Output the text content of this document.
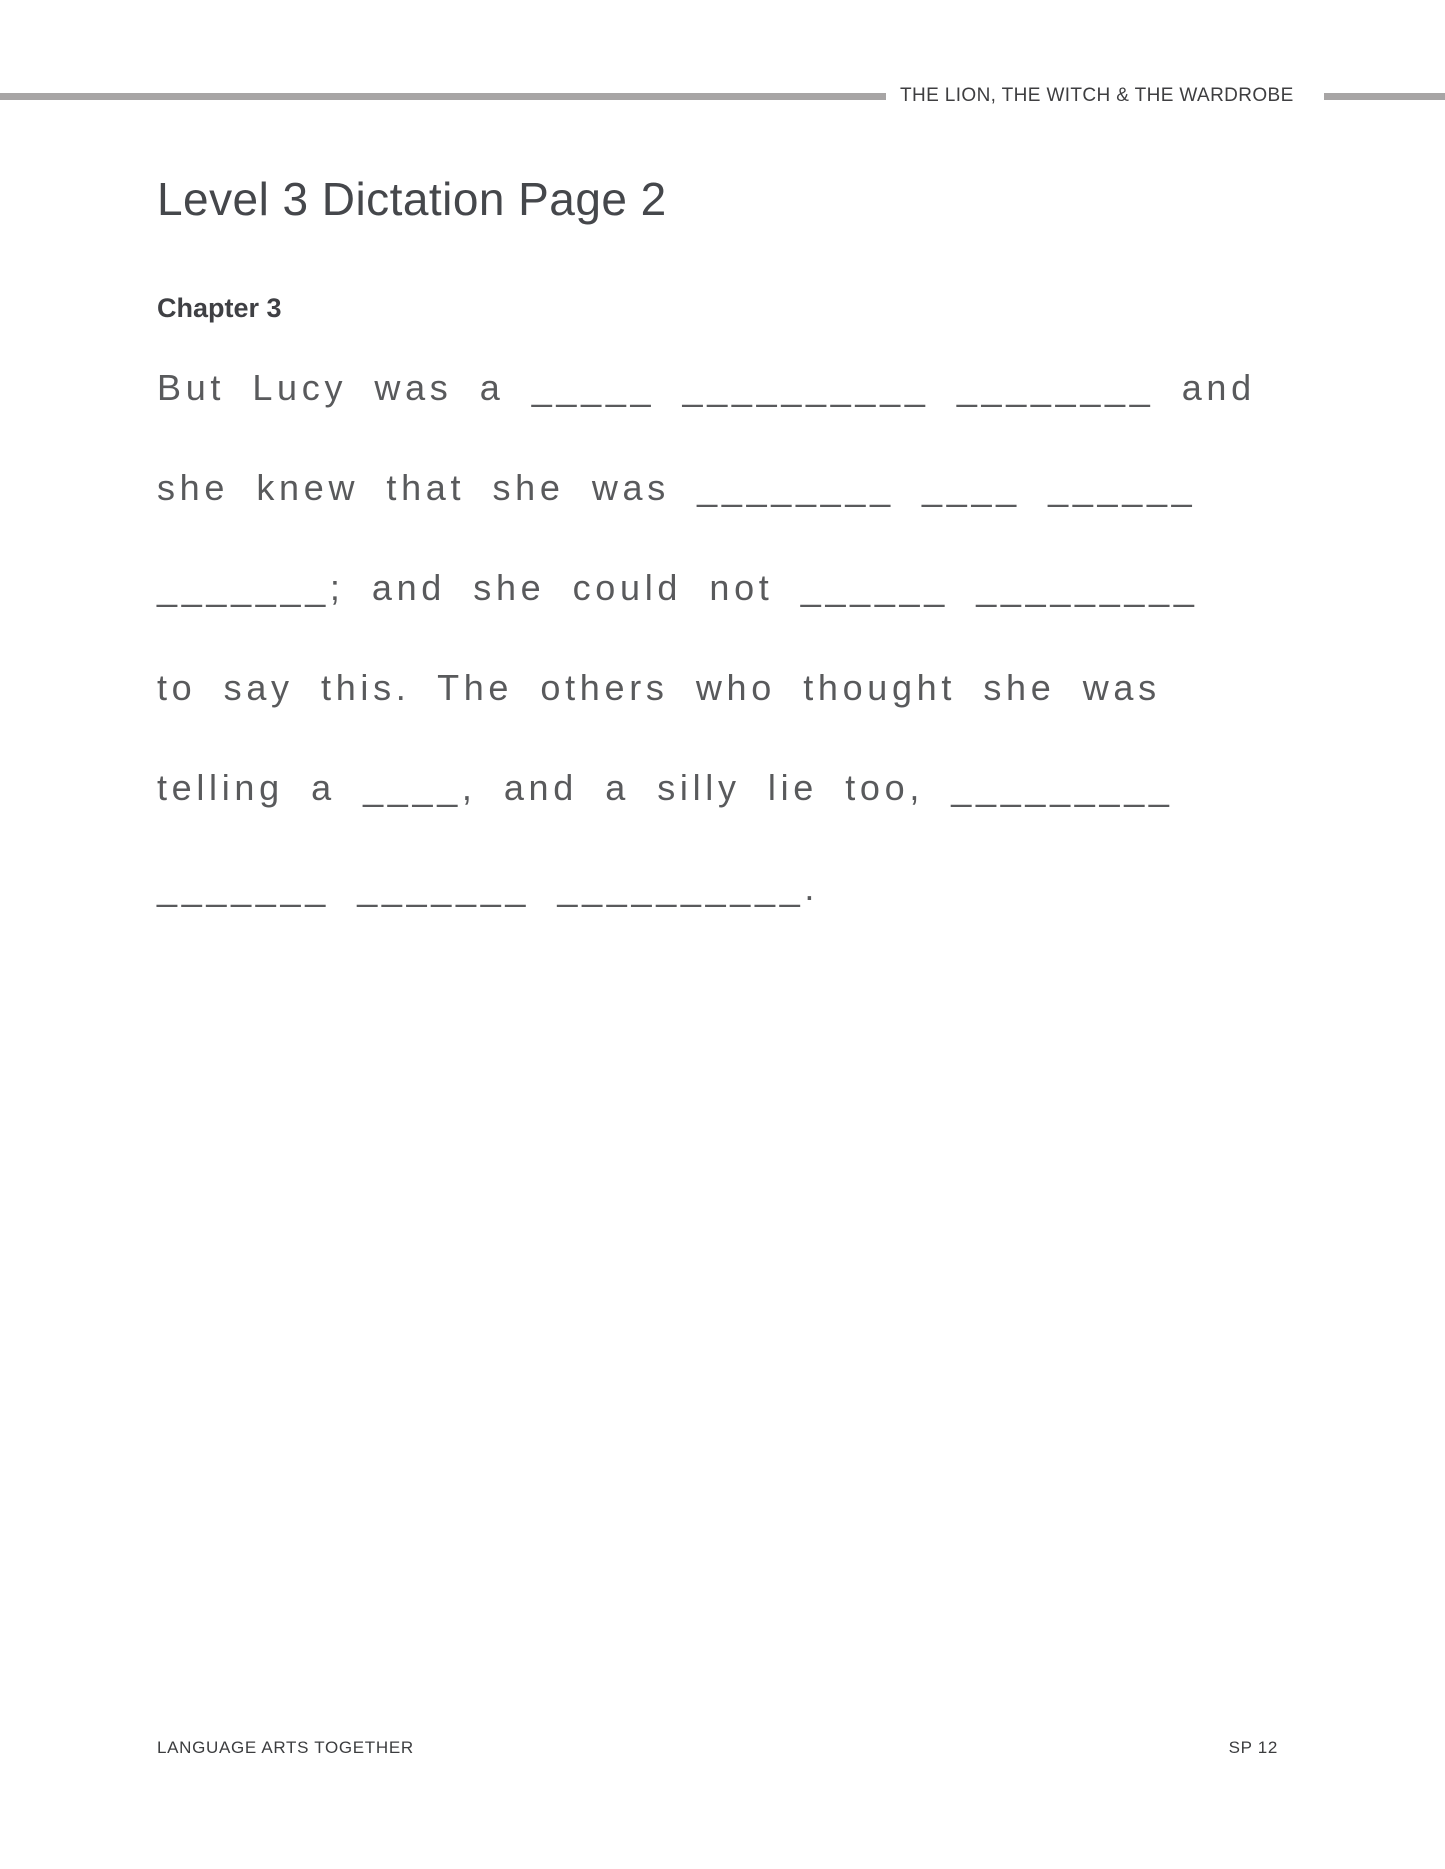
THE LION, THE WITCH & THE WARDROBE
Level 3 Dictation Page 2
Chapter 3
But Lucy was a _____ __________ ________ and
she knew that she was ________ ____ ______
_______; and she could not ______ _________
to say this. The others who thought she was
telling a ____, and a silly lie too, _________
_______ _______ __________.
LANGUAGE ARTS TOGETHER	SP 12
